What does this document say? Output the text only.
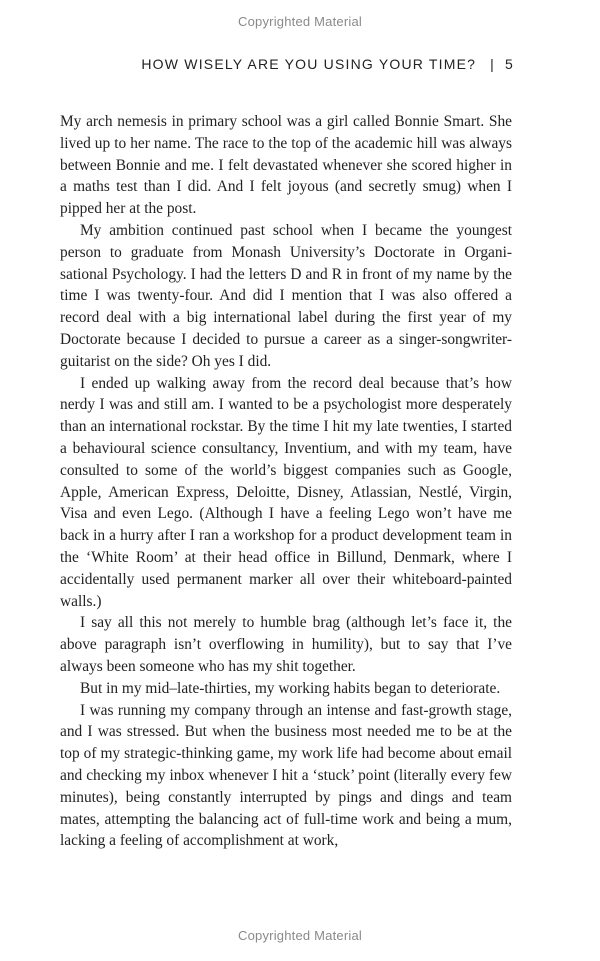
Copyrighted Material
HOW WISELY ARE YOU USING YOUR TIME? | 5

My arch nemesis in primary school was a girl called Bonnie Smart. She lived up to her name. The race to the top of the academic hill was always between Bonnie and me. I felt devastated whenever she scored higher in a maths test than I did. And I felt joyous (and secretly smug) when I pipped her at the post.

My ambition continued past school when I became the youngest person to graduate from Monash University’s Doctorate in Organisational Psychology. I had the letters D and R in front of my name by the time I was twenty-four. And did I mention that I was also offered a record deal with a big international label during the first year of my Doctorate because I decided to pursue a career as a singer-songwriter-guitarist on the side? Oh yes I did.

I ended up walking away from the record deal because that’s how nerdy I was and still am. I wanted to be a psychologist more desperately than an international rockstar. By the time I hit my late twenties, I started a behavioural science consultancy, Inventium, and with my team, have consulted to some of the world’s biggest companies such as Google, Apple, American Express, Deloitte, Disney, Atlassian, Nestlé, Virgin, Visa and even Lego. (Although I have a feeling Lego won’t have me back in a hurry after I ran a workshop for a product development team in the ‘White Room’ at their head office in Billund, Denmark, where I accidentally used permanent marker all over their whiteboard-painted walls.)

I say all this not merely to humble brag (although let’s face it, the above paragraph isn’t overflowing in humility), but to say that I’ve always been someone who has my shit together.

But in my mid–late-thirties, my working habits began to deteriorate.

I was running my company through an intense and fast-growth stage, and I was stressed. But when the business most needed me to be at the top of my strategic-thinking game, my work life had become about email and checking my inbox whenever I hit a ‘stuck’ point (literally every few minutes), being constantly interrupted by pings and dings and team mates, attempting the balancing act of full-time work and being a mum, lacking a feeling of accomplishment at work,

Copyrighted Material
